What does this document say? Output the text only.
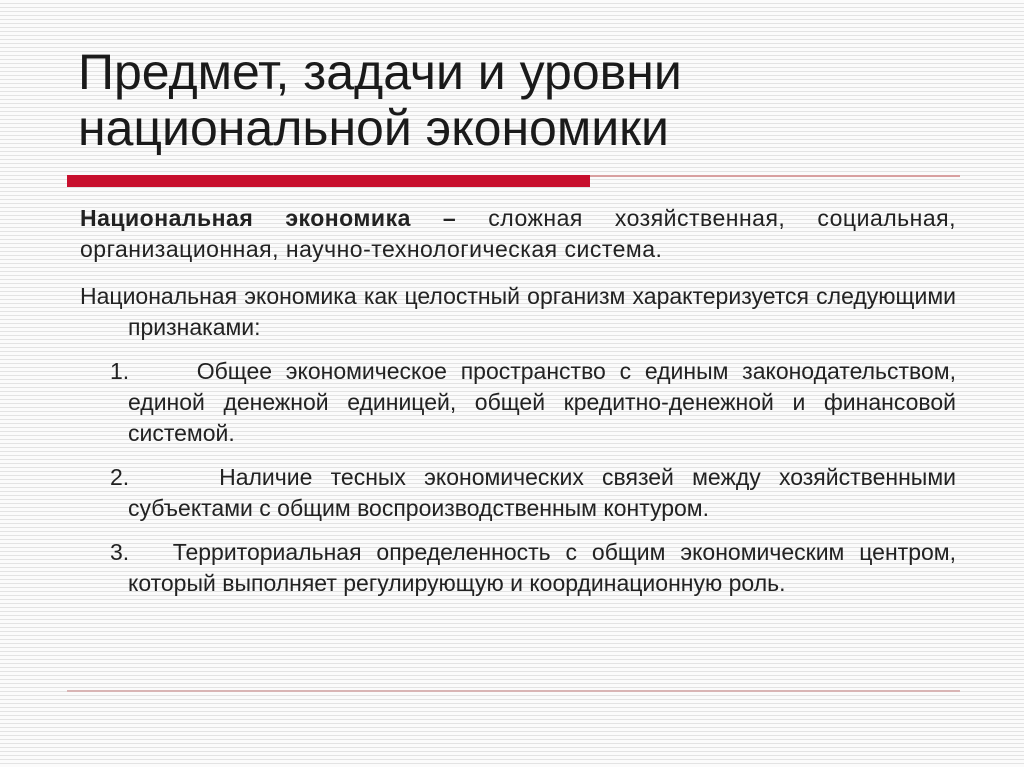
Предмет, задачи и уровни
национальной экономики

Национальная экономика – сложная хозяйственная, социальная, организационная, научно-технологическая система.

Национальная экономика как целостный организм характеризуется следующими признаками:

1.	Общее экономическое пространство с единым законодательством, единой денежной единицей, общей кредитно-денежной и финансовой системой.
2.	Наличие тесных экономических связей между хозяйственными субъектами с общим воспроизводственным контуром.
3. Территориальная определенность с общим экономическим центром, который выполняет регулирующую и координационную роль.
